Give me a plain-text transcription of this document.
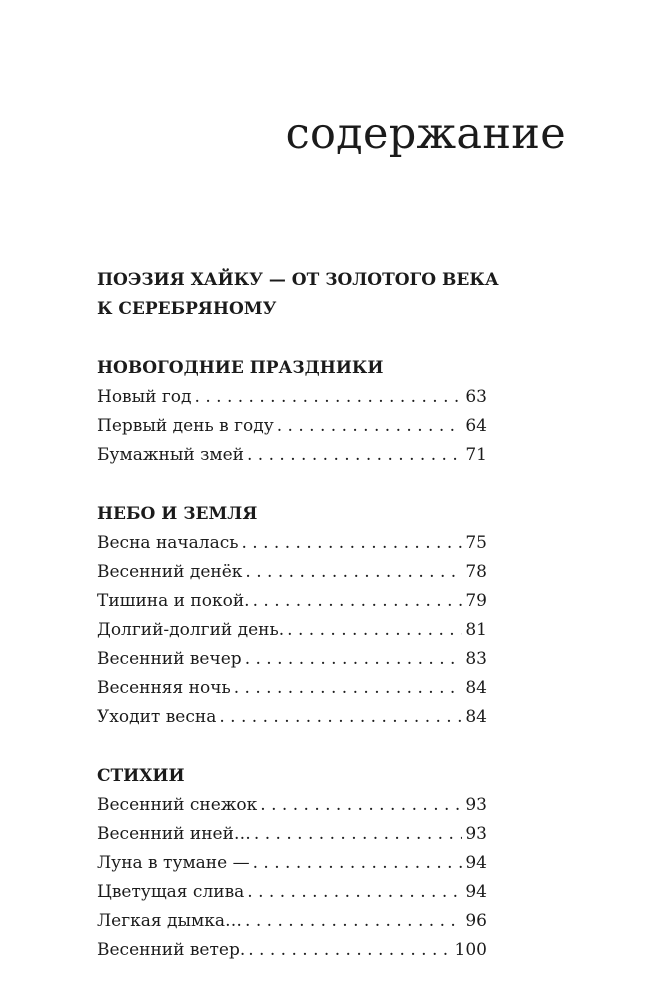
содержание
ПОЭЗИЯ ХАЙКУ — ОТ ЗОЛОТОГО ВЕКА
К СЕРЕБРЯНОМУ
НОВОГОДНИЕ ПРАЗДНИКИ
Новый год . . .	63
Первый день в году . . .	64
Бумажный змей . . .	71
НЕБО И ЗЕМЛЯ
Весна началась . . .	75
Весенний денёк . . .	78
Тишина и покой. . . .	79
Долгий-долгий день. . . .	81
Весенний вечер . . .	83
Весенняя ночь . . .	84
Уходит весна . . .	84
СТИХИИ
Весенний снежок . . .	93
Весенний иней… . . .	93
Луна в тумане — . . .	94
Цветущая слива . . .	94
Легкая дымка… . . .	96
Весенний ветер. . . .	100
